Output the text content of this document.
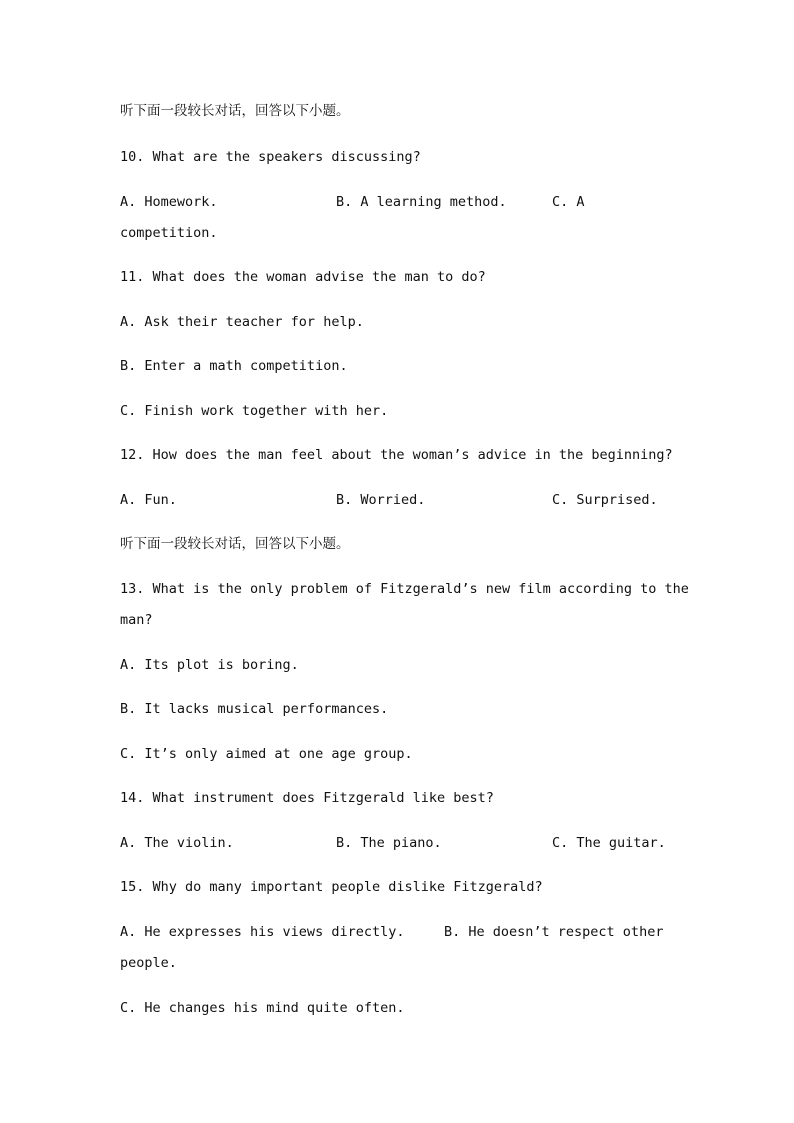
听下面一段较长对话，回答以下小题。
10. What are the speakers discussing?
A. Homework.	B. A learning method.	C. A
competition.
11. What does the woman advise the man to do?
A. Ask their teacher for help.
B. Enter a math competition.
C. Finish work together with her.
12. How does the man feel about the woman’s advice in the beginning?
A. Fun.	B. Worried.	C. Surprised.
听下面一段较长对话，回答以下小题。
13. What is the only problem of Fitzgerald’s new film according to the
man?
A. Its plot is boring.
B. It lacks musical performances.
C. It’s only aimed at one age group.
14. What instrument does Fitzgerald like best?
A. The violin.	B. The piano.	C. The guitar.
15. Why do many important people dislike Fitzgerald?
A. He expresses his views directly.	B. He doesn’t respect other
people.
C. He changes his mind quite often.
